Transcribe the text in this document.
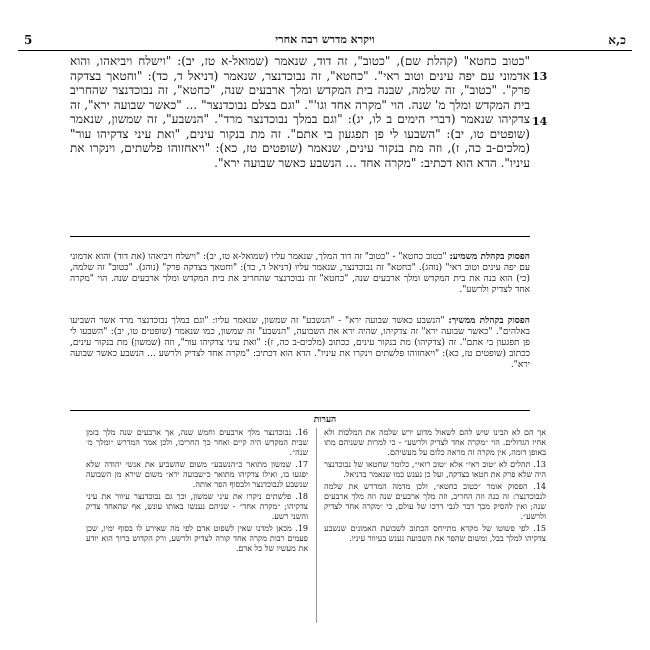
5	ויקרא מדרש רבה אחרי	כ,א

"כטוב כחטא" (קהלת שם), "כטוב", זה דוד, שנאמר (שמואל-א טז, יב): "וישלח ויביאהו, והוא אדמוני עם יפה עינים וטוב ראי". "כחטא", זה נבוכדנצר, שנאמר (דניאל ד, כד): "וחטאך בצדקה פרק". "כטוב", זה שלמה, שבנה בית המקדש ומלך ארבעים שנה, "כחטא", זה נבוכדנצר שהחריב בית המקדש ומלך מ' שנה. הוי "מקרה אחד וגו'". "וגם בצלם נבוכדנצר" ... "כאשר שבועה ירא", זה צדקיהו שנאמר (דברי הימים ב לו, יג): "וגם במלך נבוכדנצר מרד". "הנשבע", זה שמשון, שנאמר (שופטים טו, יב): "השבעו לי פן תפגעון בי אתם". זה מת בנקור עינים, "ואת עיני צדקיהו עור" (מלכים-ב כה, ז), וזה מת בנקור עינים, שנאמר (שופטים טז, כא): "ויאחזוהו פלשתים, וינקרו את עיניו". הדא הוא דכתיב: "מקרה אחד ... הנשבע כאשר שבועה ירא".

13
14
הפסוק בקהלת משמיע: "כטוב כחטא" - "כטוב" זה דוד המלך, שנאמר עליו (שמואל-א טז, יב): "וישלח ויביאהו (את דוד) והוא אדמוני עם יפה עינים וטוב ראי" (נוהג). "כחטא" זה נבוכדנצר, שנאמר עליו (דניאל ד, כד): "וחטאך בצדקה פרק" (נוהג). "כטוב" זה שלמה, (כי) הוא בנה את בית המקדש ומלך ארבעים שנה, "כחטא" זה נבוכדנצר שהחריב את בית המקדש ומלך ארבעים שנה. הוי "מקרה אחד לצדיק ולרשע".
הפסוק בקהלת ממשיך: "הנשבע כאשר שבועה ירא" - "הנשבע" זה שמשון, שנאמר עליו: "וגם במלך נבוכדנצר מרד אשר השביעו באלהים". "כאשר שבועה ירא" זה צדקיהו, שהיה ירא את השבועה, "הנשבע" זה שמשון, כמו שנאמר (שופטים טו, יב): "השבעו לי פן תפגעון בי אתם". זה (צדקיהו) מת בנקור עינים, ככתוב (מלכים-ב כה, ז): "ואת עיני צדקיהו עור", וזה (שמשון) מת בנקור עינים, ככתוב (שופטים טז, כא): "ויאחזוהו פלשתים וינקרו את עיניו". הדא הוא דכתיב: "מקרה אחד לצדיק ולרשע ... הנשבע כאשר שבועה ירא".
הערות

אך הם לא הבינו שיש להם לשאול מדוע ירש שלמה את המלכות ולא אחיו הגדולים. הוי ״מקרה אחד לצדיק ולרשע״ - כי למרות ששניהם מתו באופן דומה, אין מקרה זה מראה כלום על מעשיהם.

13. תהלים לא ״טוב ראי״ אלא ״טוב רואי״, כלומר שחטאו של נבוכדנצר היה שלא פרק את חטאו בצדקה, ועל כן נענש כמו שנאמר בדניאל.

14. הפסוק אומר ״כטוב כחטא״, ולכן מדמה המדרש את שלמה לנבוכדנצר: זה בנה וזה החריב, וזה מלך ארבעים שנה וזה מלך ארבעים שנה; ואין להסיק מכך דבר לגבי דרכו של עולם, כי ״מקרה אחד לצדיק ולרשע״.

15. לפי פשוטו של מקרא מתייחס הכתוב לשבועת האמונים שנשבע צדקיהו למלך בבל, ומשום שהפר את השבועה נענש בעיוור עיניו.

16. נבוכדנצר מלך ארבעים וחמש שנה, אך ארבעים שנה מלך בזמן שבית המקדש היה קיים ואחר כך החריבו, ולכן אמר המדרש ״ומלך מ׳ שנה״.

17. שמשון מתואר כ״הנשבע״ משום שהשביע את אנשי יהודה שלא יפגעו בו, ואילו צדקיהו מתואר כ״שבועה ירא״ משום שירא מן השבועה שנשבע לנבוכדנצר ולבסוף הפר אותה.

18. פלשתים ניקרו את עיני שמשון, וכך גם נבוכדנצר עיוור את עיני צדקיהו; ״מקרה אחד״ - שניהם נענשו באותו עונש, אף שהאחד צדיק והשני רשע.

19. מכאן למדנו שאין לשפוט אדם לפי מה שאירע לו בסוף ימיו, שכן פעמים רבות מקרה אחד קורה לצדיק ולרשע, ורק הקדוש ברוך הוא יודע את מעשיו של כל אדם.
